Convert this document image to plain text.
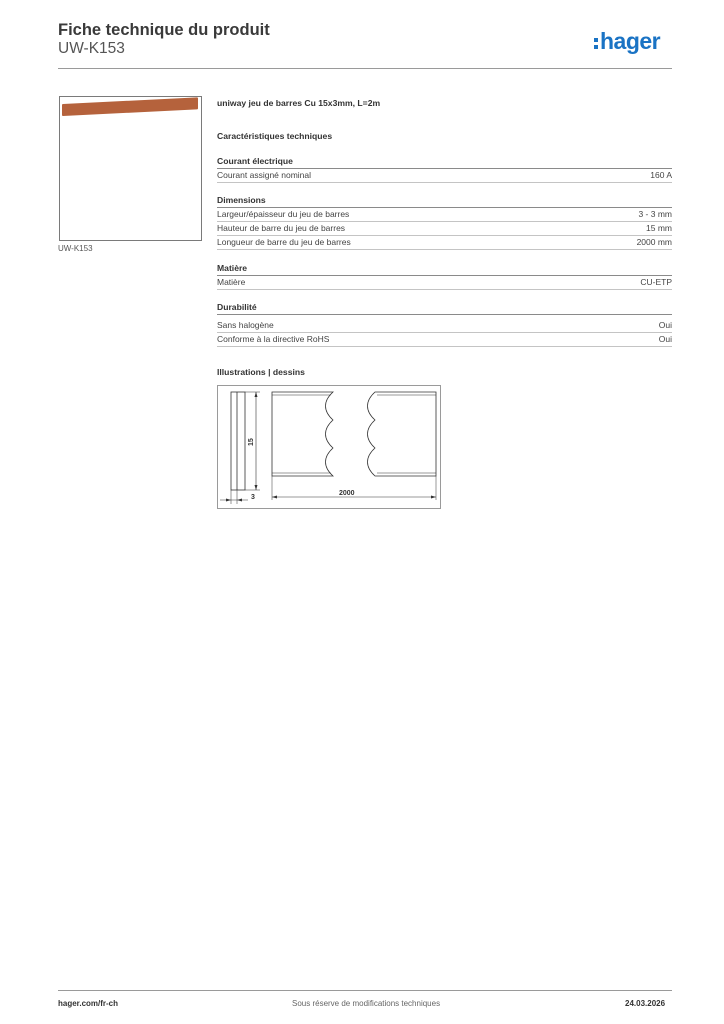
Fiche technique du produit
UW-K153	hager
UW-K153
uniway jeu de barres Cu 15x3mm, L=2m
Caractéristiques techniques
Courant électrique
Courant assigné nominal	160 A
Dimensions
Largeur/épaisseur du jeu de barres	3 - 3 mm
Hauteur de barre du jeu de barres	15 mm
Longueur de barre du jeu de barres	2000 mm
Matière
Matière	CU-ETP
Durabilité
Sans halogène	Oui
Conforme à la directive RoHS	Oui
Illustrations | dessins
15
3
2000
hager.com/fr-ch	Sous réserve de modifications techniques	24.03.2026
